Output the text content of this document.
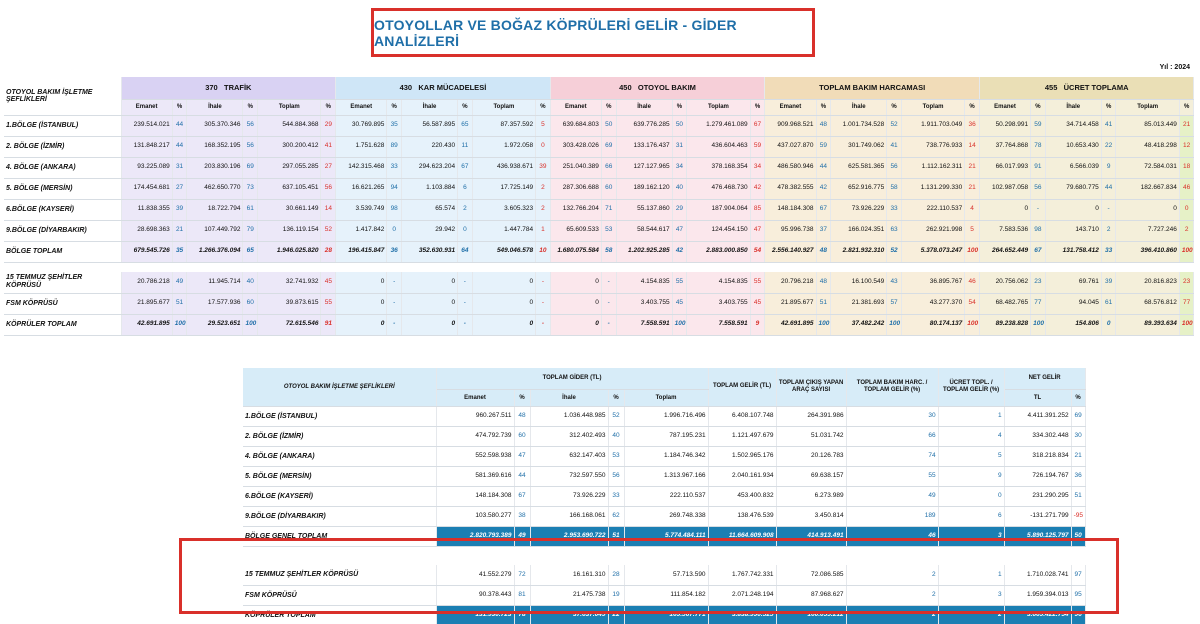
OTOYOLLAR VE BOĞAZ KÖPRÜLERİ GELİR - GİDER ANALİZLERİ
Yıl : 2024
OTOYOL BAKIM İŞLETME ŞEFLİKLERİ	370   TRAFİK						430   KAR MÜCADELESİ						450   OTOYOL BAKIM						TOPLAM BAKIM HARCAMASI						455   ÜCRET TOPLAMA					
	Emanet	%	İhale	%	Toplam	%	Emanet	%	İhale	%	Toplam	%	Emanet	%	İhale	%	Toplam	%	Emanet	%	İhale	%	Toplam	%	Emanet	%	İhale	%	Toplam	%
1.BÖLGE (İSTANBUL)	239.514.021	44	305.370.346	56	544.884.368	29	30.769.895	35	56.587.895	65	87.357.592	5	639.684.803	50	639.776.285	50	1.279.461.089	67	909.968.521	48	1.001.734.528	52	1.911.703.049	36	50.298.991	59	34.714.458	41	85.013.449	21
2. BÖLGE (İZMİR)	131.848.217	44	168.352.195	56	300.200.412	41	1.751.628	89	220.430	11	1.972.058	0	303.428.026	69	133.176.437	31	436.604.463	59	437.027.870	59	301.749.062	41	738.776.933	14	37.764.868	78	10.653.430	22	48.418.298	12
4. BÖLGE (ANKARA)	93.225.089	31	203.830.196	69	297.055.285	27	142.315.468	33	294.623.204	67	436.938.671	39	251.040.389	66	127.127.965	34	378.168.354	34	486.580.946	44	625.581.365	56	1.112.162.311	21	66.017.993	91	6.566.039	9	72.584.031	18
5. BÖLGE (MERSİN)	174.454.681	27	462.650.770	73	637.105.451	56	16.621.265	94	1.103.884	6	17.725.149	2	287.306.688	60	189.162.120	40	476.468.730	42	478.382.555	42	652.916.775	58	1.131.299.330	21	102.987.058	56	79.680.775	44	182.667.834	46
6.BÖLGE (KAYSERİ)	11.838.355	39	18.722.794	61	30.661.149	14	3.539.749	98	65.574	2	3.605.323	2	132.766.204	71	55.137.860	29	187.904.064	85	148.184.308	67	73.926.229	33	222.110.537	4	0	-	0	-	0	0
9.BÖLGE (DİYARBAKIR)	28.698.363	21	107.449.792	79	136.119.154	52	1.417.842	0	29.942	0	1.447.784	1	65.609.533	53	58.544.617	47	124.454.150	47	95.996.738	37	166.024.351	63	262.921.998	5	7.583.536	98	143.710	2	7.727.246	2
BÖLGE TOPLAM	679.545.726	35	1.266.376.094	65	1.946.025.820	28	196.415.847	36	352.630.931	64	549.046.578	10	1.680.075.584	58	1.202.925.285	42	2.883.000.850	54	2.556.140.927	48	2.821.932.310	52	5.378.073.247	100	264.652.449	67	131.758.412	33	396.410.860	100

15 TEMMUZ ŞEHİTLER KÖPRÜSÜ	20.786.218	49	11.945.714	40	32.741.932	45	0	-	0	-	0	-	0	-	4.154.835	55	4.154.835	55	20.796.218	48	16.100.549	43	36.895.767	46	20.756.062	23	69.761	39	20.816.823	23
FSM KÖPRÜSÜ	21.895.677	51	17.577.936	60	39.873.615	55	0	-	0	-	0	-	0	-	3.403.755	45	3.403.755	45	21.895.677	51	21.381.693	57	43.277.370	54	68.482.765	77	94.045	61	68.576.812	77
KÖPRÜLER TOPLAM	42.691.895	100	29.523.651	100	72.615.546	91	0	-	0	-	0	-	0	-	7.558.591	100	7.558.591	9	42.691.895	100	37.482.242	100	80.174.137	100	89.238.828	100	154.806	0	89.393.634	100
OTOYOL BAKIM İŞLETME ŞEFLİKLERİ	TOPLAM GİDER (TL)					TOPLAM GELİR (TL)	TOPLAM ÇIKIŞ YAPAN ARAÇ SAYISI	TOPLAM BAKIM HARC. / TOPLAM GELİR (%)	ÜCRET TOPL. / TOPLAM GELİR (%)	NET GELİR	
	Emanet	%	İhale	%	Toplam					TL	%
1.BÖLGE (İSTANBUL)	960.267.511	48	1.036.448.985	52	1.996.716.496	6.408.107.748	264.391.986	30	1	4.411.391.252	69
2. BÖLGE (İZMİR)	474.792.739	60	312.402.493	40	787.195.231	1.121.497.679	51.031.742	66	4	334.302.448	30
4. BÖLGE (ANKARA)	552.598.938	47	632.147.403	53	1.184.746.342	1.502.965.176	20.126.783	74	5	318.218.834	21
5. BÖLGE (MERSİN)	581.369.616	44	732.597.550	56	1.313.967.166	2.040.161.934	69.638.157	55	9	726.194.767	36
6.BÖLGE (KAYSERİ)	148.184.308	67	73.926.229	33	222.110.537	453.400.832	6.273.989	49	0	231.290.295	51
9.BÖLGE (DİYARBAKIR)	103.580.277	38	166.168.061	62	269.748.338	138.476.539	3.450.814	189	6	-131.271.799	-95
BÖLGE GENEL TOPLAM	2.820.793.389	49	2.953.690.722	51	5.774.484.111	11.664.609.908	414.913.491	46	3	5.890.125.797	50

15 TEMMUZ ŞEHİTLER KÖPRÜSÜ	41.552.279	72	16.161.310	28	57.713.590	1.767.742.331	72.086.585	2	1	1.710.028.741	97
FSM KÖPRÜSÜ	90.378.443	81	21.475.738	19	111.854.182	2.071.248.194	87.968.627	2	3	1.959.394.013	95
KÖPRÜLER TOPLAM	131.930.723	78	37.637.049	22	169.567.771	3.838.990.525	160.055.212	2	2	3.669.422.754	96
